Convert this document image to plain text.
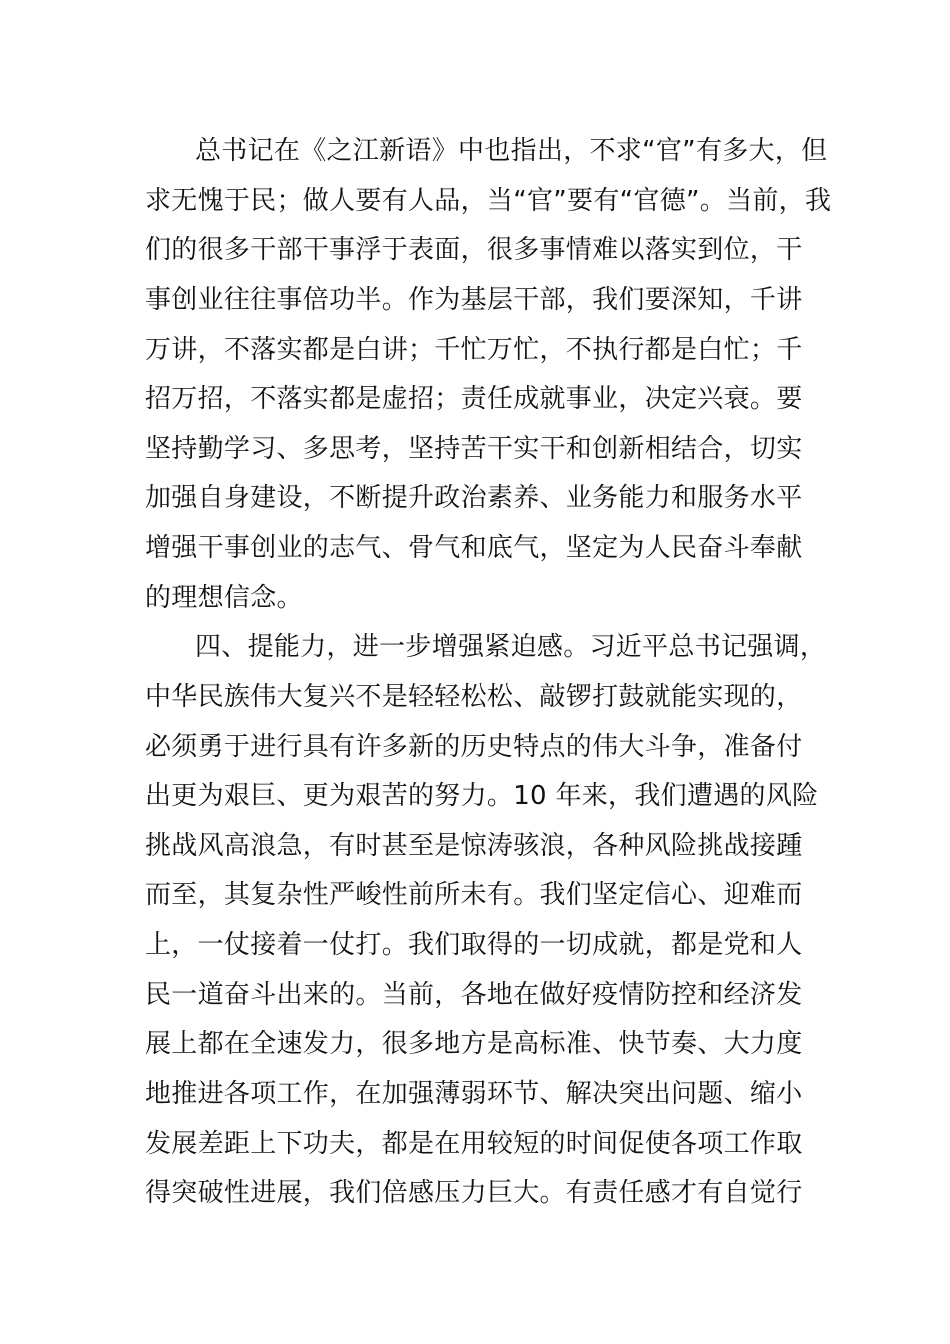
总书记在《之江新语》中也指出，不求“官”有多大，但
求无愧于民；做人要有人品，当“官”要有“官德”。当前，我
们的很多干部干事浮于表面，很多事情难以落实到位，干
事创业往往事倍功半。作为基层干部，我们要深知，千讲
万讲，不落实都是白讲；千忙万忙，不执行都是白忙；千
招万招，不落实都是虚招；责任成就事业，决定兴衰。要
坚持勤学习、多思考，坚持苦干实干和创新相结合，切实
加强自身建设，不断提升政治素养、业务能力和服务水平
增强干事创业的志气、骨气和底气，坚定为人民奋斗奉献
的理想信念。
四、提能力，进一步增强紧迫感。习近平总书记强调，
中华民族伟大复兴不是轻轻松松、敲锣打鼓就能实现的，
必须勇于进行具有许多新的历史特点的伟大斗争，准备付
出更为艰巨、更为艰苦的努力。10 年来，我们遭遇的风险
挑战风高浪急，有时甚至是惊涛骇浪，各种风险挑战接踵
而至，其复杂性严峻性前所未有。我们坚定信心、迎难而
上，一仗接着一仗打。我们取得的一切成就，都是党和人
民一道奋斗出来的。当前，各地在做好疫情防控和经济发
展上都在全速发力，很多地方是高标准、快节奏、大力度
地推进各项工作，在加强薄弱环节、解决突出问题、缩小
发展差距上下功夫，都是在用较短的时间促使各项工作取
得突破性进展，我们倍感压力巨大。有责任感才有自觉行
